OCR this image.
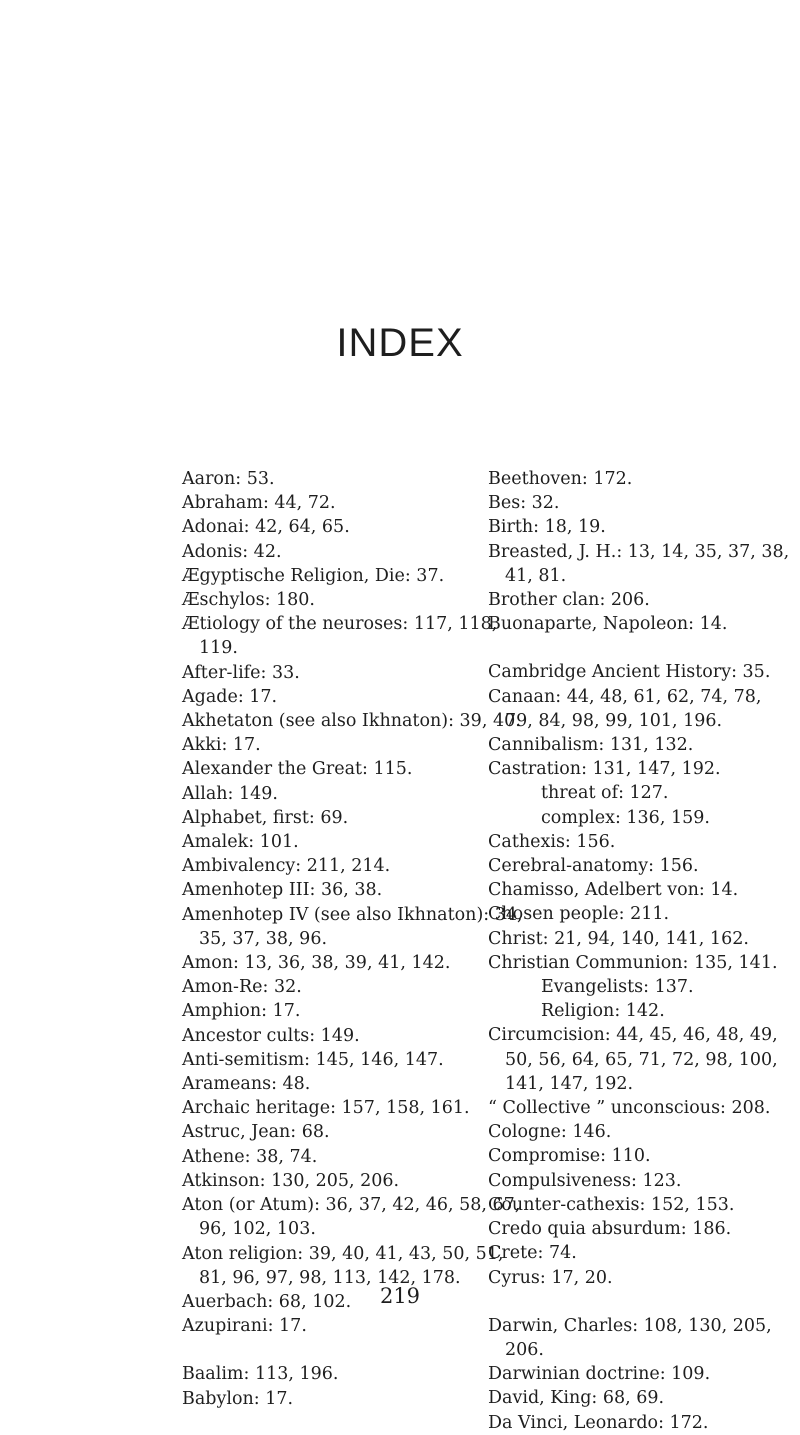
INDEX
Aaron: 53.
Abraham: 44, 72.
Adonai: 42, 64, 65.
Adonis: 42.
Ægyptische Religion, Die: 37.
Æschylos: 180.
Ætiology of the neuroses: 117, 118, 119.
After-life: 33.
Agade: 17.
Akhetaton (see also Ikhnaton): 39, 40.
Akki: 17.
Alexander the Great: 115.
Allah: 149.
Alphabet, first: 69.
Amalek: 101.
Ambivalency: 211, 214.
Amenhotep III: 36, 38.
Amenhotep IV (see also Ikhnaton): 34, 35, 37, 38, 96.
Amon: 13, 36, 38, 39, 41, 142.
Amon-Re: 32.
Amphion: 17.
Ancestor cults: 149.
Anti-semitism: 145, 146, 147.
Arameans: 48.
Archaic heritage: 157, 158, 161.
Astruc, Jean: 68.
Athene: 38, 74.
Atkinson: 130, 205, 206.
Aton (or Atum): 36, 37, 42, 46, 58, 67, 96, 102, 103.
Aton religion: 39, 40, 41, 43, 50, 51, 81, 96, 97, 98, 113, 142, 178.
Auerbach: 68, 102.
Azupirani: 17.
Baalim: 113, 196.
Babylon: 17.
Beethoven: 172.
Bes: 32.
Birth: 18, 19.
Breasted, J. H.: 13, 14, 35, 37, 38, 41, 81.
Brother clan: 206.
Buonaparte, Napoleon: 14.
Cambridge Ancient History: 35.
Canaan: 44, 48, 61, 62, 74, 78, 79, 84, 98, 99, 101, 196.
Cannibalism: 131, 132.
Castration: 131, 147, 192.
threat of: 127.
complex: 136, 159.
Cathexis: 156.
Cerebral-anatomy: 156.
Chamisso, Adelbert von: 14.
Chosen people: 211.
Christ: 21, 94, 140, 141, 162.
Christian Communion: 135, 141.
Evangelists: 137.
Religion: 142.
Circumcision: 44, 45, 46, 48, 49, 50, 56, 64, 65, 71, 72, 98, 100, 141, 147, 192.
“ Collective ” unconscious: 208.
Cologne: 146.
Compromise: 110.
Compulsiveness: 123.
Counter-cathexis: 152, 153.
Credo quia absurdum: 186.
Crete: 74.
Cyrus: 17, 20.
Darwin, Charles: 108, 130, 205, 206.
Darwinian doctrine: 109.
David, King: 68, 69.
Da Vinci, Leonardo: 172.
219
